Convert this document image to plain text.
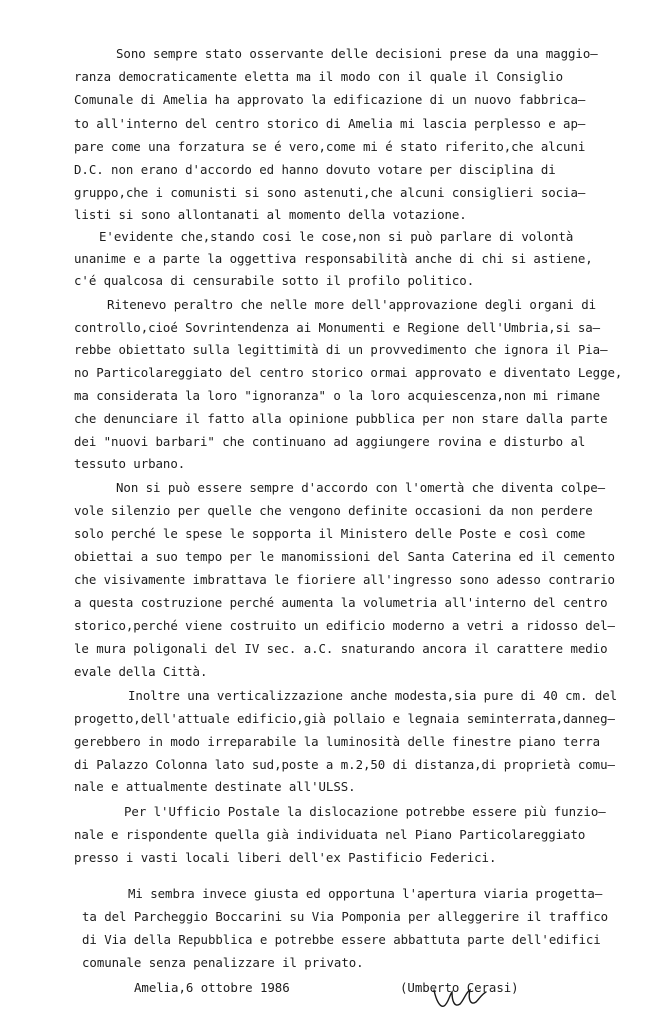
Sono sempre stato osservante delle decisioni prese da una maggio–
ranza democraticamente eletta ma il modo con il quale il Consiglio
Comunale di Amelia ha approvato la edificazione di un nuovo fabbrica–
to all'interno del centro storico di Amelia mi lascia perplesso e ap–
pare come una forzatura se é vero,come mi é stato riferito,che alcuni
D.C. non erano d'accordo ed hanno dovuto votare per disciplina di
gruppo,che i comunisti si sono astenuti,che alcuni consiglieri socia–
listi si sono allontanati al momento della votazione.
E'evidente che,stando cosi le cose,non si può parlare di volontà
unanime e a parte la oggettiva responsabilità anche di chi si astiene,
c'é qualcosa di censurabile sotto il profilo politico.
Ritenevo peraltro che nelle more dell'approvazione degli organi di
controllo,cioé Sovrintendenza ai Monumenti e Regione dell'Umbria,si sa–
rebbe obiettato sulla legittimità di un provvedimento che ignora il Pia–
no Particolareggiato del centro storico ormai approvato e diventato Legge,
ma considerata la loro "ignoranza" o la loro acquiescenza,non mi rimane
che denunciare il fatto alla opinione pubblica per non stare dalla parte
dei "nuovi barbari" che continuano ad aggiungere rovina e disturbo al
tessuto urbano.
Non si può essere sempre d'accordo con l'omertà che diventa colpe–
vole silenzio per quelle che vengono definite occasioni da non perdere
solo perché le spese le sopporta il Ministero delle Poste e così come
obiettai a suo tempo per le manomissioni del Santa Caterina ed il cemento
che visivamente imbrattava le fioriere all'ingresso sono adesso contrario
a questa costruzione perché aumenta la volumetria all'interno del centro
storico,perché viene costruito un edificio moderno a vetri a ridosso del–
le mura poligonali del IV sec. a.C. snaturando ancora il carattere medio
evale della Città.
Inoltre una verticalizzazione anche modesta,sia pure di 40 cm. del
progetto,dell'attuale edificio,già pollaio e legnaia seminterrata,danneg–
gerebbero in modo irreparabile la luminosità delle finestre piano terra
di Palazzo Colonna lato sud,poste a m.2,50 di distanza,di proprietà comu–
nale e attualmente destinate all'ULSS.
Per l'Ufficio Postale la dislocazione potrebbe essere più funzio–
nale e rispondente quella già individuata nel Piano Particolareggiato
presso i vasti locali liberi dell'ex Pastificio Federici.
Mi sembra invece giusta ed opportuna l'apertura viaria progetta–
ta del Parcheggio Boccarini su Via Pomponia per alleggerire il traffico
di Via della Repubblica e potrebbe essere abbattuta parte dell'edifici
comunale senza penalizzare il privato.
Amelia,6 ottobre 1986	(Umberto Cerasi)
